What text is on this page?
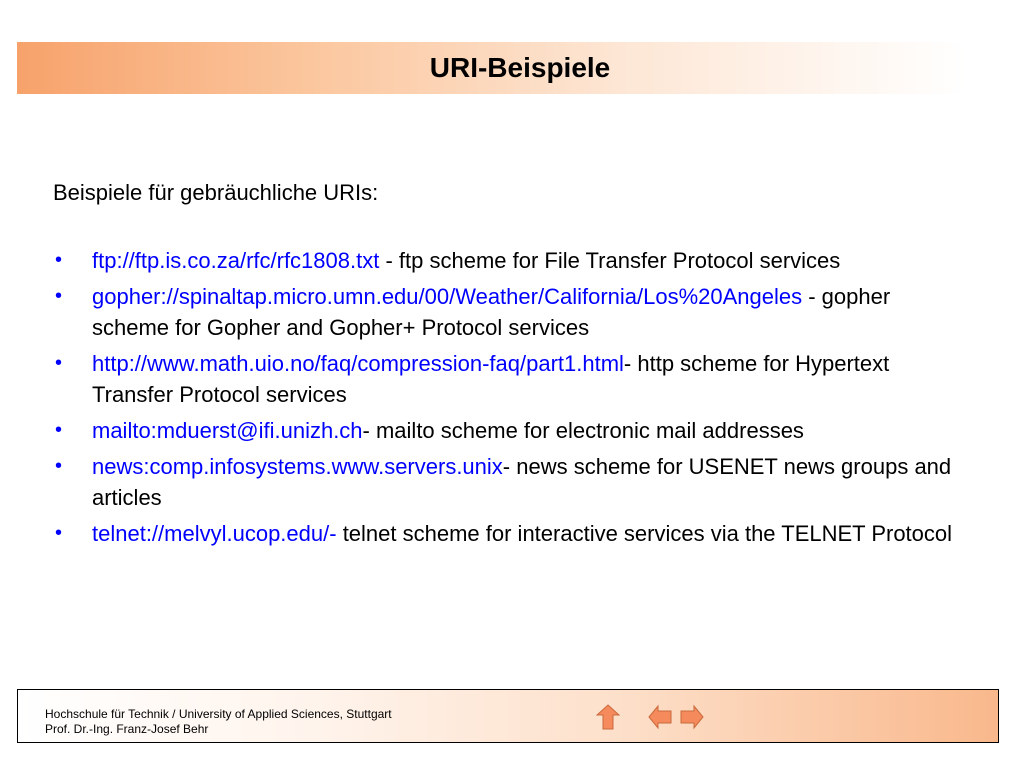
URI-Beispiele
Beispiele für gebräuchliche URIs:
• ftp://ftp.is.co.za/rfc/rfc1808.txt - ftp scheme for File Transfer Protocol services
• gopher://spinaltap.micro.umn.edu/00/Weather/California/Los%20Angeles - gopher scheme for Gopher and Gopher+ Protocol services
• http://www.math.uio.no/faq/compression-faq/part1.html- http scheme for Hypertext Transfer Protocol services
• mailto:mduerst@ifi.unizh.ch- mailto scheme for electronic mail addresses
• news:comp.infosystems.www.servers.unix- news scheme for USENET news groups and articles
• telnet://melvyl.ucop.edu/- telnet scheme for interactive services via the TELNET Protocol
Hochschule für Technik / University of Applied Sciences, Stuttgart
Prof. Dr.-Ing. Franz-Josef Behr
